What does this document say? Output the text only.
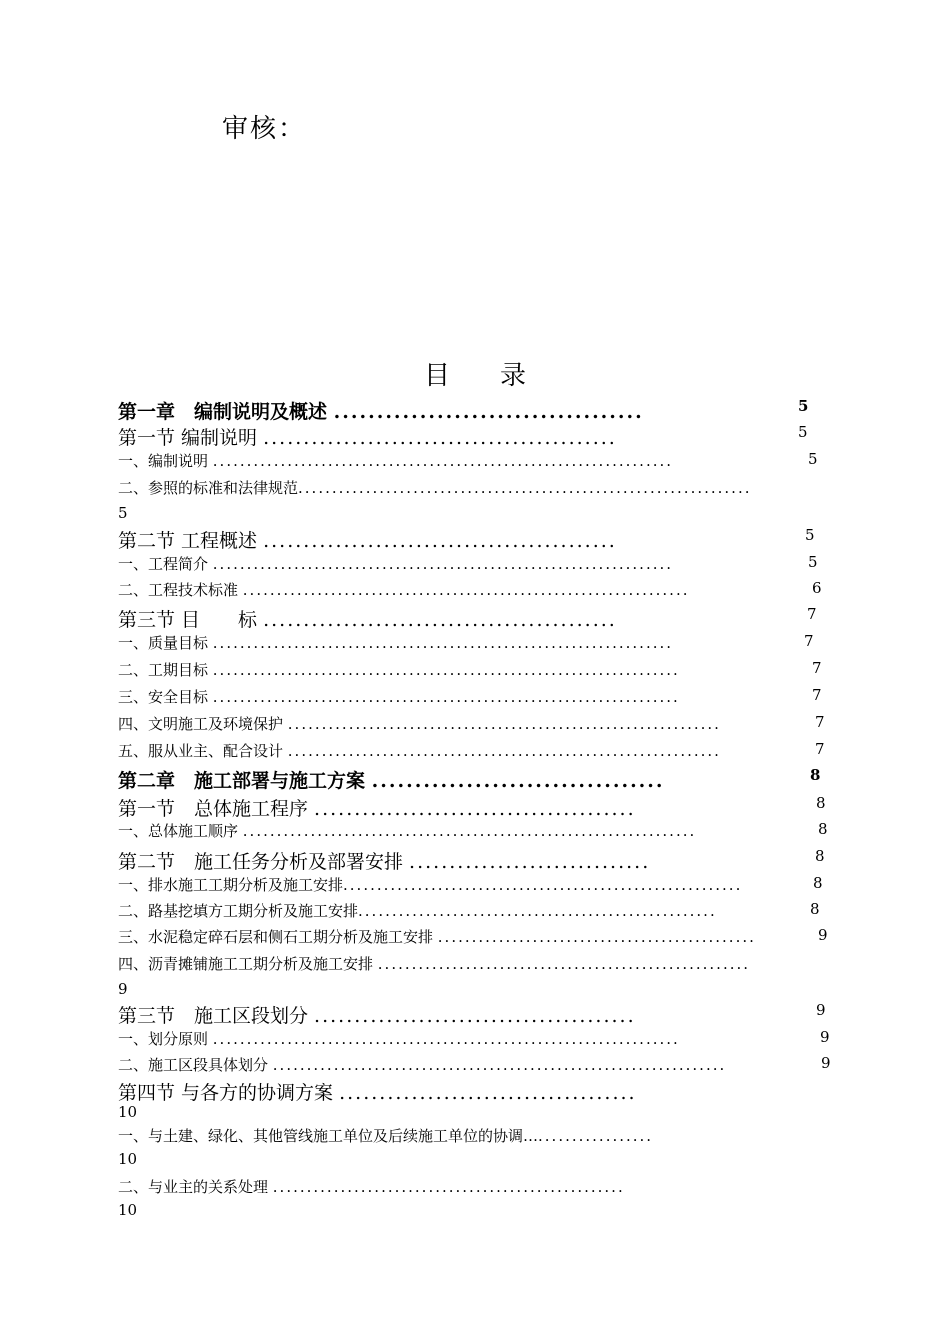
审核：
目 录
第一章　编制说明及概述 ....................................	5
第一节 编制说明 ............................................	5
一、编制说明 ....................................................................	5
二、参照的标准和法律规范...................................................................
5
第二节 工程概述 ............................................	5
一、工程简介 ....................................................................	5
二、工程技术标准 ..................................................................	6
第三节 目　　标 ............................................	7
一、质量目标 ....................................................................	7
二、工期目标 .....................................................................	7
三、安全目标 .....................................................................	7
四、文明施工及环境保护 ................................................................	7
五、服从业主、配合设计 ................................................................	7
第二章　施工部署与施工方案 ..................................	8
第一节　总体施工程序 ........................................	8
一、总体施工顺序 ...................................................................	8
第二节　施工任务分析及部署安排 ..............................	8
一、排水施工工期分析及施工安排...........................................................	8
二、路基挖填方工期分析及施工安排.....................................................	8
三、水泥稳定碎石层和侧石工期分析及施工安排 ...............................................	9
四、沥青摊铺施工工期分析及施工安排 .......................................................
9
第三节　施工区段划分 ........................................	9
一、划分原则 .....................................................................	9
二、施工区段具体划分 ...................................................................	9
第四节 与各方的协调方案 .....................................
10
一、与土建、绿化、其他管线施工单位及后续施工单位的协调….................
10
二、与业主的关系处理 ....................................................
10
